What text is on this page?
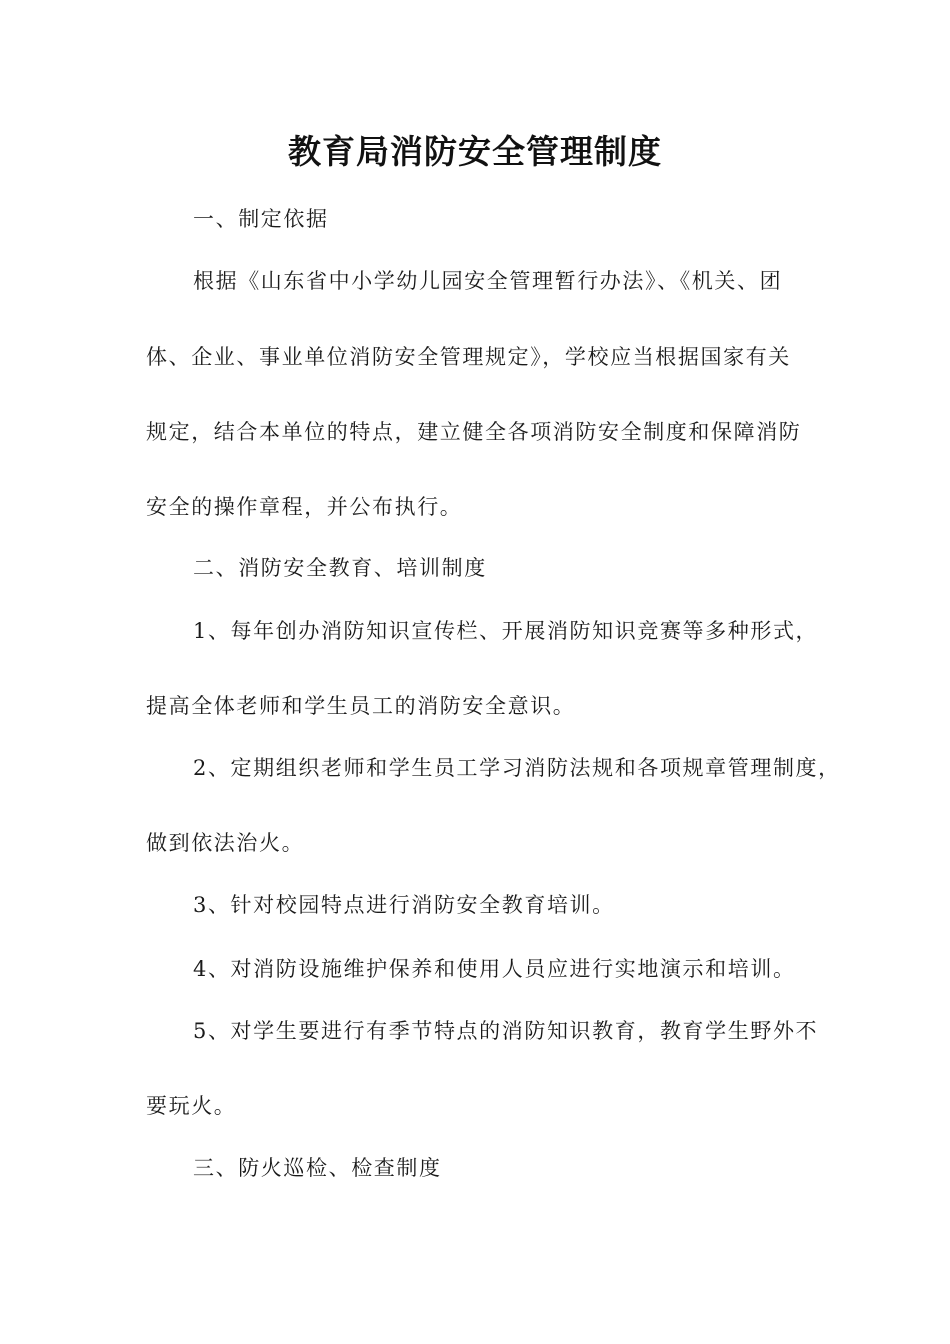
教育局消防安全管理制度
一、制定依据
根据《山东省中小学幼儿园安全管理暂行办法》、《机关、团
体、企业、事业单位消防安全管理规定》，学校应当根据国家有关
规定，结合本单位的特点，建立健全各项消防安全制度和保障消防
安全的操作章程，并公布执行。
二、消防安全教育、培训制度
1、每年创办消防知识宣传栏、开展消防知识竞赛等多种形式，
提高全体老师和学生员工的消防安全意识。
2、定期组织老师和学生员工学习消防法规和各项规章管理制度，
做到依法治火。
3、针对校园特点进行消防安全教育培训。
4、对消防设施维护保养和使用人员应进行实地演示和培训。
5、对学生要进行有季节特点的消防知识教育，教育学生野外不
要玩火。
三、防火巡检、检查制度
